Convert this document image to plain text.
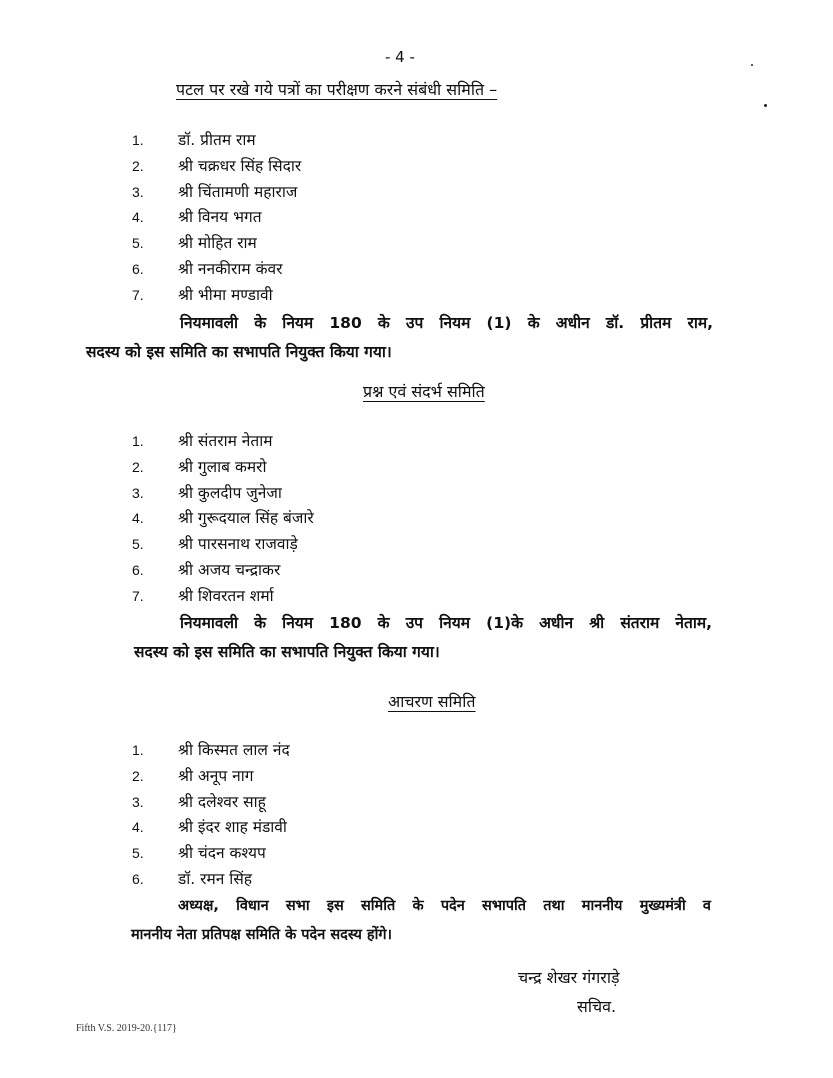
- 4 -
पटल पर रखे गये पत्रों का परीक्षण करने संबंधी समिति –
1. डॉ. प्रीतम राम
2. श्री चक्रधर सिंह सिदार
3. श्री चिंतामणी महाराज
4. श्री विनय भगत
5. श्री मोहित राम
6. श्री ननकीराम कंवर
7. श्री भीमा मण्डावी
नियमावली के नियम 180 के उप नियम (1) के अधीन डॉ. प्रीतम राम,
सदस्य को इस समिति का सभापति नियुक्त किया गया।
प्रश्न एवं संदर्भ समिति
1. श्री संतराम नेताम
2. श्री गुलाब कमरो
3. श्री कुलदीप जुनेजा
4. श्री गुरूदयाल सिंह बंजारे
5. श्री पारसनाथ राजवाड़े
6. श्री अजय चन्द्राकर
7. श्री शिवरतन शर्मा
नियमावली के नियम 180 के उप नियम (1)के अधीन श्री संतराम नेताम,
सदस्य को इस समिति का सभापति नियुक्त किया गया।
आचरण समिति
1. श्री किस्मत लाल नंद
2. श्री अनूप नाग
3. श्री दलेश्वर साहू
4. श्री इंदर शाह मंडावी
5. श्री चंदन कश्यप
6. डॉ. रमन सिंह
अध्यक्ष, विधान सभा इस समिति के पदेन सभापति तथा माननीय मुख्यमंत्री व
माननीय नेता प्रतिपक्ष समिति के पदेन सदस्य होंगे।
चन्द्र शेखर गंगराड़े
सचिव.
Fifth V.S. 2019-20.{117}
